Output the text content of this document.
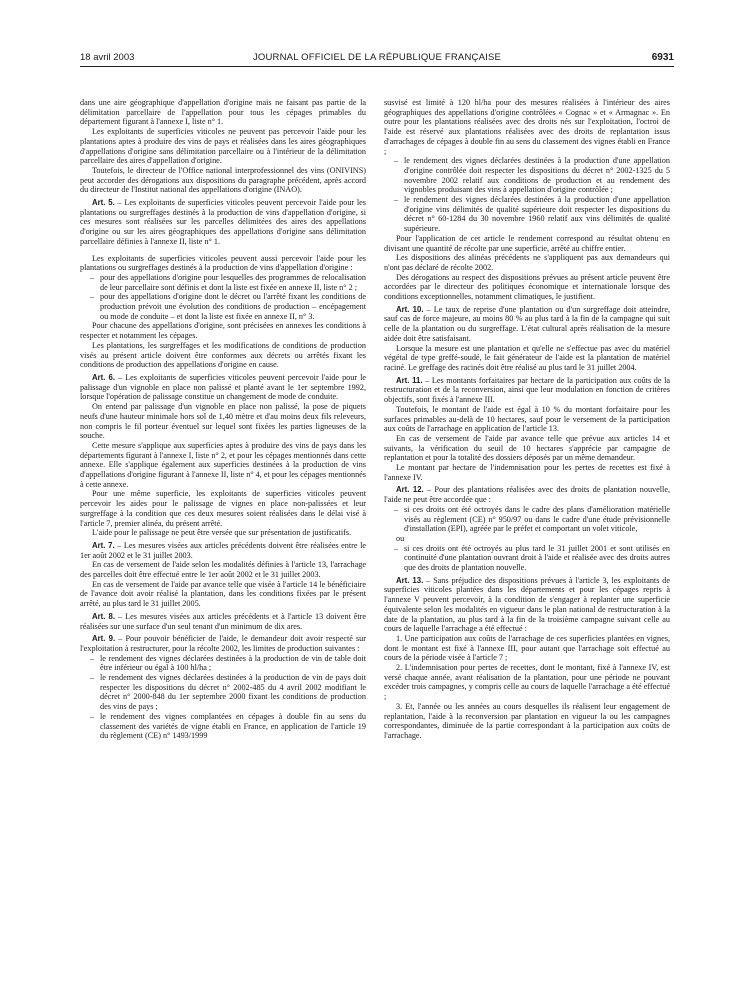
18 avril 2003	JOURNAL OFFICIEL DE LA RÉPUBLIQUE FRANÇAISE	6931

dans une aire géographique d'appellation d'origine mais ne faisant pas partie de la délimitation parcellaire de l'appellation pour tous les cépages primables du département figurant à l'annexe I, liste n° 1.

Les exploitants de superficies viticoles ne peuvent pas percevoir l'aide pour les plantations aptes à produire des vins de pays et réalisées dans les aires géographiques d'appellations d'origine sans délimitation parcellaire ou à l'intérieur de la délimitation parcellaire des aires d'appellation d'origine.

Toutefois, le directeur de l'Office national interprofessionnel des vins (ONIVINS) peut accorder des dérogations aux dispositions du paragraphe précédent, après accord du directeur de l'Institut national des appellations d'origine (INAO).

Art. 5. – Les exploitants de superficies viticoles peuvent percevoir l'aide pour les plantations ou surgreffages destinés à la production de vins d'appellation d'origine, si ces mesures sont réalisées sur les parcelles délimitées des aires des appellations d'origine ou sur les aires géographiques des appellations d'origine sans délimitation parcellaire définies à l'annexe II, liste n° 1.

Les exploitants de superficies viticoles peuvent aussi percevoir l'aide pour les plantations ou surgreffages destinés à la production de vins d'appellation d'origine :

– pour des appellations d'origine pour lesquelles des programmes de relocalisation de leur parcellaire sont définis et dont la liste est fixée en annexe II, liste n° 2 ;
– pour des appellations d'origine dont le décret ou l'arrêté fixant les conditions de production prévoit une évolution des conditions de production – encépagement ou mode de conduite – et dont la liste est fixée en annexe II, n° 3.

Pour chacune des appellations d'origine, sont précisées en annexes les conditions à respecter et notamment les cépages.

Les plantations, les surgreffages et les modifications de conditions de production visés au présent article doivent être conformes aux décrets ou arrêtés fixant les conditions de production des appellations d'origine en cause.

Art. 6. – Les exploitants de superficies viticoles peuvent percevoir l'aide pour le palissage d'un vignoble en place non palissé et planté avant le 1er septembre 1992, lorsque l'opération de palissage constitue un changement de mode de conduite.

On entend par palissage d'un vignoble en place non palissé, la pose de piquets neufs d'une hauteur minimale hors sol de 1,40 mètre et d'au moins deux fils releveurs, non compris le fil porteur éventuel sur lequel sont fixées les parties ligneuses de la souche.

Cette mesure s'applique aux superficies aptes à produire des vins de pays dans les départements figurant à l'annexe I, liste n° 2, et pour les cépages mentionnés dans cette annexe. Elle s'applique également aux superficies destinées à la production de vins d'appellations d'origine figurant à l'annexe II, liste n° 4, et pour les cépages mentionnés à cette annexe.

Pour une même superficie, les exploitants de superficies viticoles peuvent percevoir les aides pour le palissage de vignes en place non-palissées et leur surgreffage à la condition que ces deux mesures soient réalisées dans le délai visé à l'article 7, premier alinéa, du présent arrêté.

L'aide pour le palissage ne peut être versée que sur présentation de justificatifs.

Art. 7. – Les mesures visées aux articles précédents doivent être réalisées entre le 1er août 2002 et le 31 juillet 2003.

En cas de versement de l'aide selon les modalités définies à l'article 13, l'arrachage des parcelles doit être effectué entre le 1er août 2002 et le 31 juillet 2003.

En cas de versement de l'aide par avance telle que visée à l'article 14 le bénéficiaire de l'avance doit avoir réalisé la plantation, dans les conditions fixées par le présent arrêté, au plus tard le 31 juillet 2005.

Art. 8. – Les mesures visées aux articles précédents et à l'article 13 doivent être réalisées sur une surface d'un seul tenant d'un minimum de dix ares.

Art. 9. – Pour pouvoir bénéficier de l'aide, le demandeur doit avoir respecté sur l'exploitation à restructurer, pour la récolte 2002, les limites de production suivantes :

– le rendement des vignes déclarées destinées à la production de vin de table doit être inférieur ou égal à 100 hl/ha ;
– le rendement des vignes déclarées destinées à la production de vin de pays doit respecter les dispositions du décret n° 2002-485 du 4 avril 2002 modifiant le décret n° 2000-848 du 1er septembre 2000 fixant les conditions de production des vins de pays ;
– le rendement des vignes complantées en cépages à double fin au sens du classement des variétés de vigne établi en France, en application de l'article 19 du règlement (CE) n° 1493/1999

susvisé est limité à 120 hl/ha pour des mesures réalisées à l'intérieur des aires géographiques des appellations d'origine contrôlées « Cognac » et « Armagnac ». En outre pour les plantations réalisées avec des droits nés sur l'exploitation, l'octroi de l'aide est réservé aux plantations réalisées avec des droits de replantation issus d'arrachages de cépages à double fin au sens du classement des vignes établi en France ;

– le rendement des vignes déclarées destinées à la production d'une appellation d'origine contrôlée doit respecter les dispositions du décret n° 2002-1325 du 5 novembre 2002 relatif aux conditions de production et au rendement des vignobles produisant des vins à appellation d'origine contrôlée ;
– le rendement des vignes déclarées destinées à la production d'une appellation d'origine vins délimités de qualité supérieure doit respecter les dispositions du décret n° 60-1284 du 30 novembre 1960 relatif aux vins délimités de qualité supérieure.

Pour l'application de cet article le rendement correspond au résultat obtenu en divisant une quantité de récolte par une superficie, arrêté au chiffre entier.

Les dispositions des alinéas précédents ne s'appliquent pas aux demandeurs qui n'ont pas déclaré de récolte 2002.

Des dérogations au respect des dispositions prévues au présent article peuvent être accordées par le directeur des politiques économique et internationale lorsque des conditions exceptionnelles, notamment climatiques, le justifient.

Art. 10. – Le taux de reprise d'une plantation ou d'un surgreffage doit atteindre, sauf cas de force majeure, au moins 80 % au plus tard à la fin de la campagne qui suit celle de la plantation ou du surgreffage. L'état cultural après réalisation de la mesure aidée doit être satisfaisant.

Lorsque la mesure est une plantation et qu'elle ne s'effectue pas avec du matériel végétal de type greffé-soudé, le fait générateur de l'aide est la plantation de matériel raciné. Le greffage des racinés doit être réalisé au plus tard le 31 juillet 2004.

Art. 11. – Les montants forfaitaires par hectare de la participation aux coûts de la restructuration et de la reconversion, ainsi que leur modulation en fonction de critères objectifs, sont fixés à l'annexe III.

Toutefois, le montant de l'aide est égal à 10 % du montant forfaitaire pour les surfaces primables au-delà de 10 hectares, sauf pour le versement de la participation aux coûts de l'arrachage en application de l'article 13.

En cas de versement de l'aide par avance telle que prévue aux articles 14 et suivants, la vérification du seuil de 10 hectares s'apprécie par campagne de replantation et pour la totalité des dossiers déposés par un même demandeur.

Le montant par hectare de l'indemnisation pour les pertes de recettes est fixé à l'annexe IV.

Art. 12. – Pour des plantations réalisées avec des droits de plantation nouvelle, l'aide ne peut être accordée que :

– si ces droits ont été octroyés dans le cadre des plans d'amélioration matérielle visés au règlement (CE) n° 950/97 ou dans le cadre d'une étude prévisionnelle d'installation (EPI), agréée par le préfet et comportant un volet viticole,

ou

– si ces droits ont été octroyés au plus tard le 31 juillet 2001 et sont utilisés en continuité d'une plantation ouvrant droit à l'aide et réalisée avec des droits autres que des droits de plantation nouvelle.

Art. 13. – Sans préjudice des dispositions prévues à l'article 3, les exploitants de superficies viticoles plantées dans les départements et pour les cépages repris à l'annexe V peuvent percevoir, à la condition de s'engager à replanter une superficie équivalente selon les modalités en vigueur dans le plan national de restructuration à la date de la plantation, au plus tard à la fin de la troisième campagne suivant celle au cours de laquelle l'arrachage a été effectué :

1. Une participation aux coûts de l'arrachage de ces superficies plantées en vignes, dont le montant est fixé à l'annexe III, pour autant que l'arrachage soit effectué au cours de la période visée à l'article 7 ;

2. L'indemnisation pour pertes de recettes, dont le montant, fixé à l'annexe IV, est versé chaque année, avant réalisation de la plantation, pour une période ne pouvant excéder trois campagnes, y compris celle au cours de laquelle l'arrachage a été effectué ;

3. Et, l'année ou les années au cours desquelles ils réalisent leur engagement de replantation, l'aide à la reconversion par plantation en vigueur la ou les campagnes correspondantes, diminuée de la partie correspondant à la participation aux coûts de l'arrachage.
